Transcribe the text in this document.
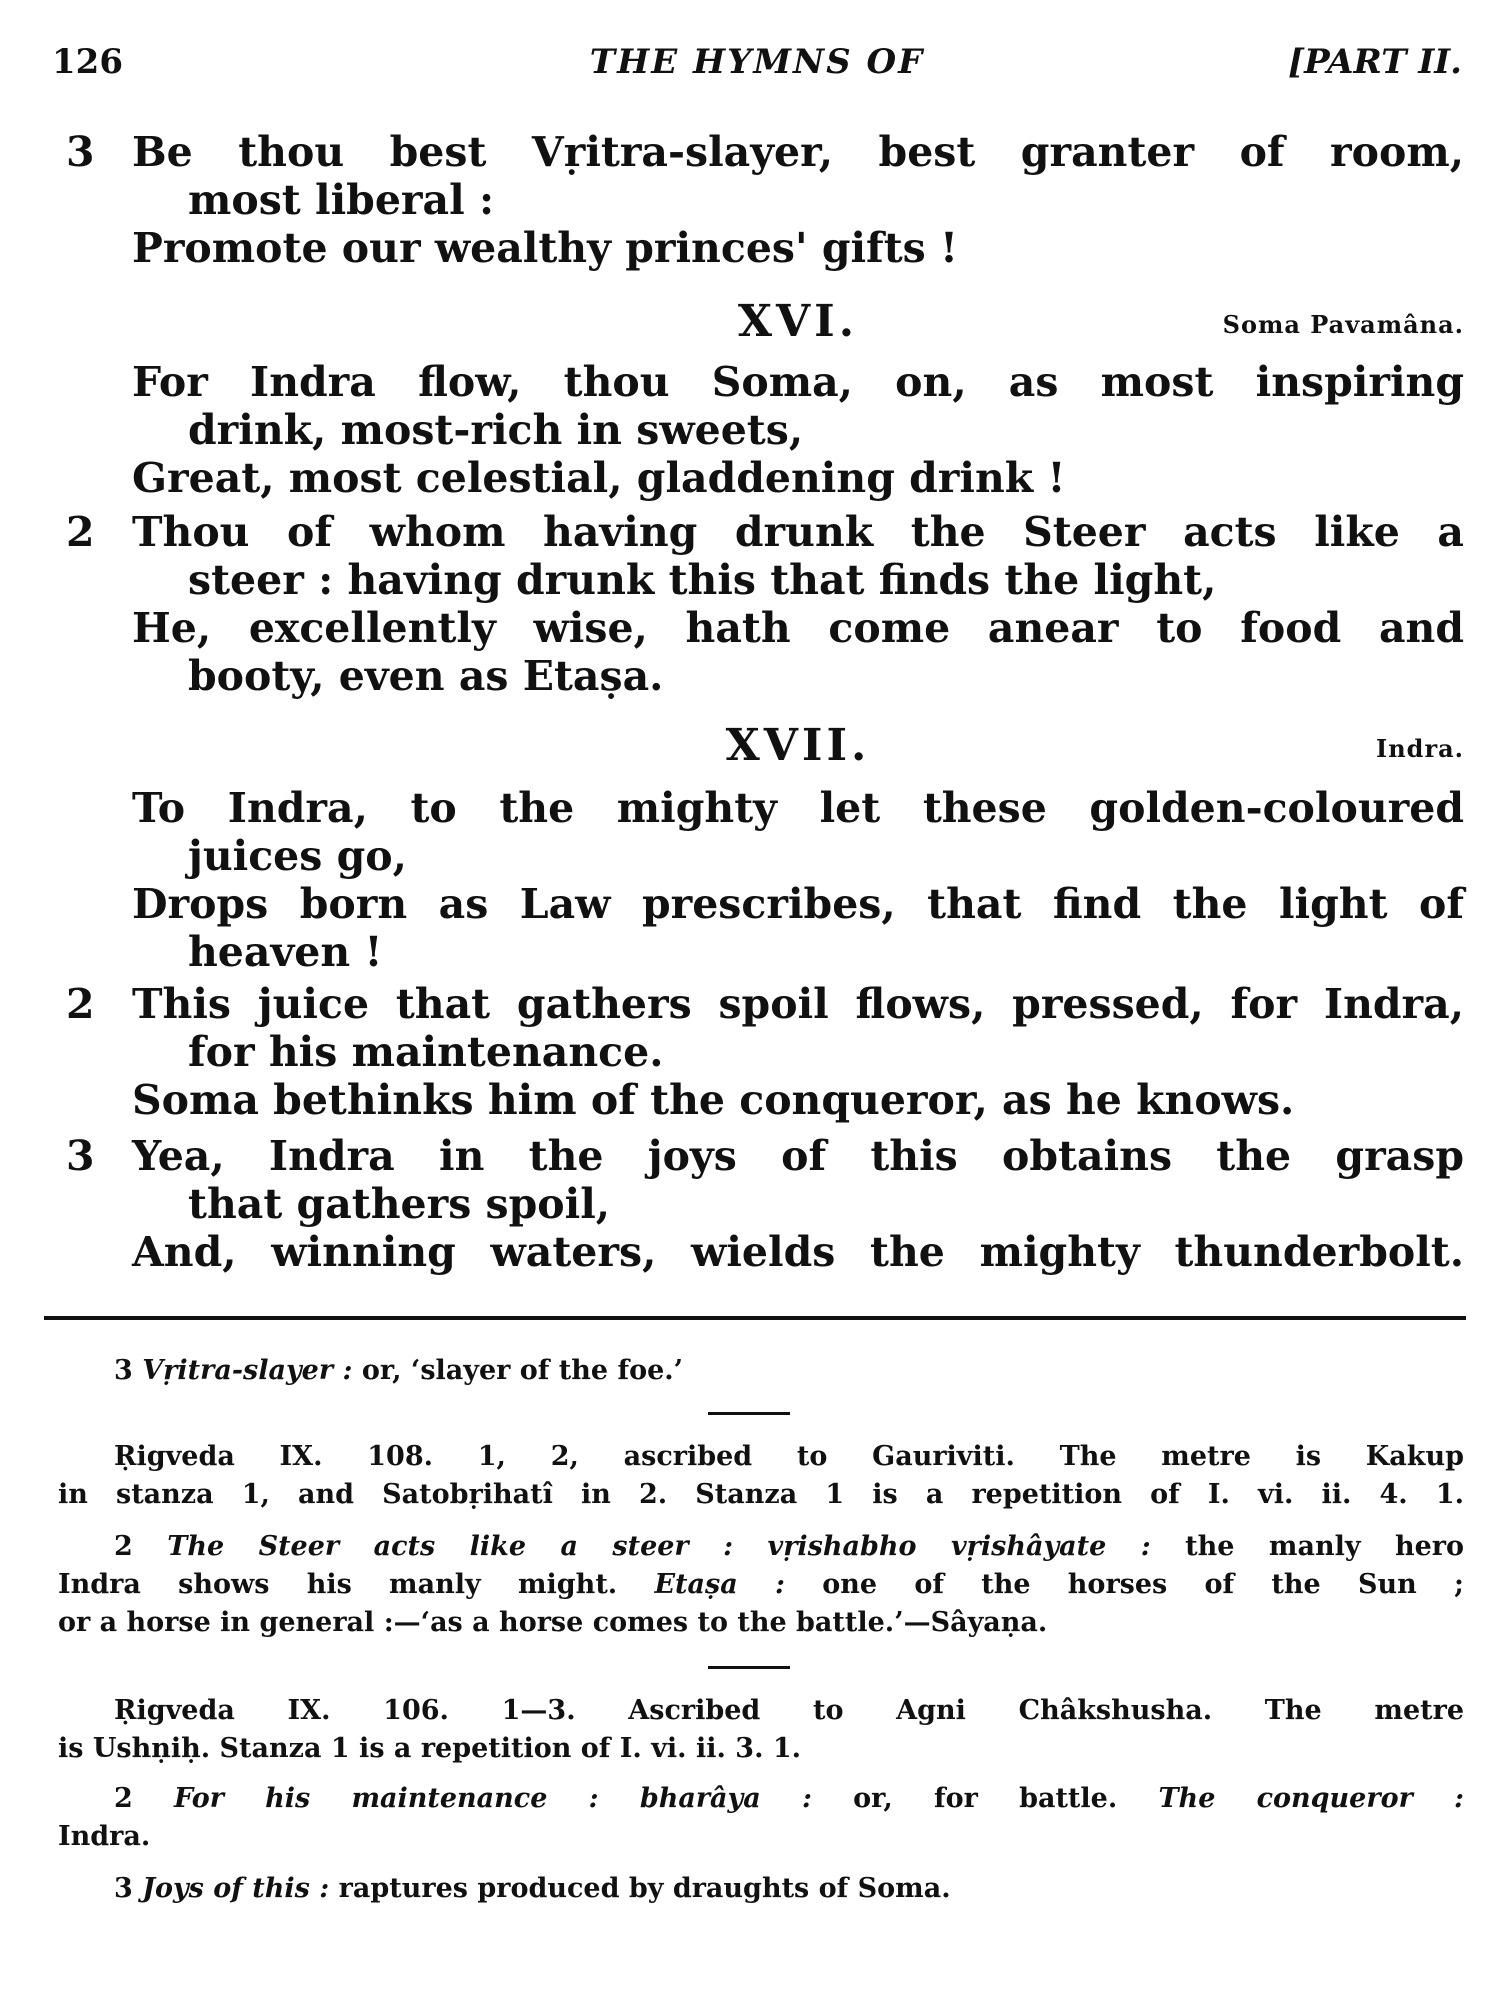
126	THE HYMNS OF	[PART II.
3 Be thou best Vṛitra-slayer, best granter of room,
most liberal :
Promote our wealthy princes' gifts !
XVI.	Soma Pavamâna.
For Indra flow, thou Soma, on, as most inspiring
drink, most-rich in sweets,
Great, most celestial, gladdening drink !
2 Thou of whom having drunk the Steer acts like a
steer : having drunk this that finds the light,
He, excellently wise, hath come anear to food and
booty, even as Etaṣa.
XVII.	Indra.
To Indra, to the mighty let these golden-coloured
juices go,
Drops born as Law prescribes, that find the light of
heaven !
2 This juice that gathers spoil flows, pressed, for Indra,
for his maintenance.
Soma bethinks him of the conqueror, as he knows.
3 Yea, Indra in the joys of this obtains the grasp
that gathers spoil,
And, winning waters, wields the mighty thunderbolt.
3 Vṛitra-slayer : or, ‘slayer of the foe.’
Ṛigveda IX. 108. 1, 2, ascribed to Gauriviti. The metre is Kakup
in stanza 1, and Satobṛihatî in 2. Stanza 1 is a repetition of I. vi. ii. 4. 1.
2 The Steer acts like a steer : vṛishabho vṛishâyate : the manly hero
Indra shows his manly might. Etaṣa : one of the horses of the Sun ;
or a horse in general :—‘as a horse comes to the battle.’—Sâyaṇa.
Ṛigveda IX. 106. 1—3. Ascribed to Agni Châkshusha. The metre
is Ushṇiḥ. Stanza 1 is a repetition of I. vi. ii. 3. 1.
2 For his maintenance : bharâya : or, for battle. The conqueror :
Indra.
3 Joys of this : raptures produced by draughts of Soma.
